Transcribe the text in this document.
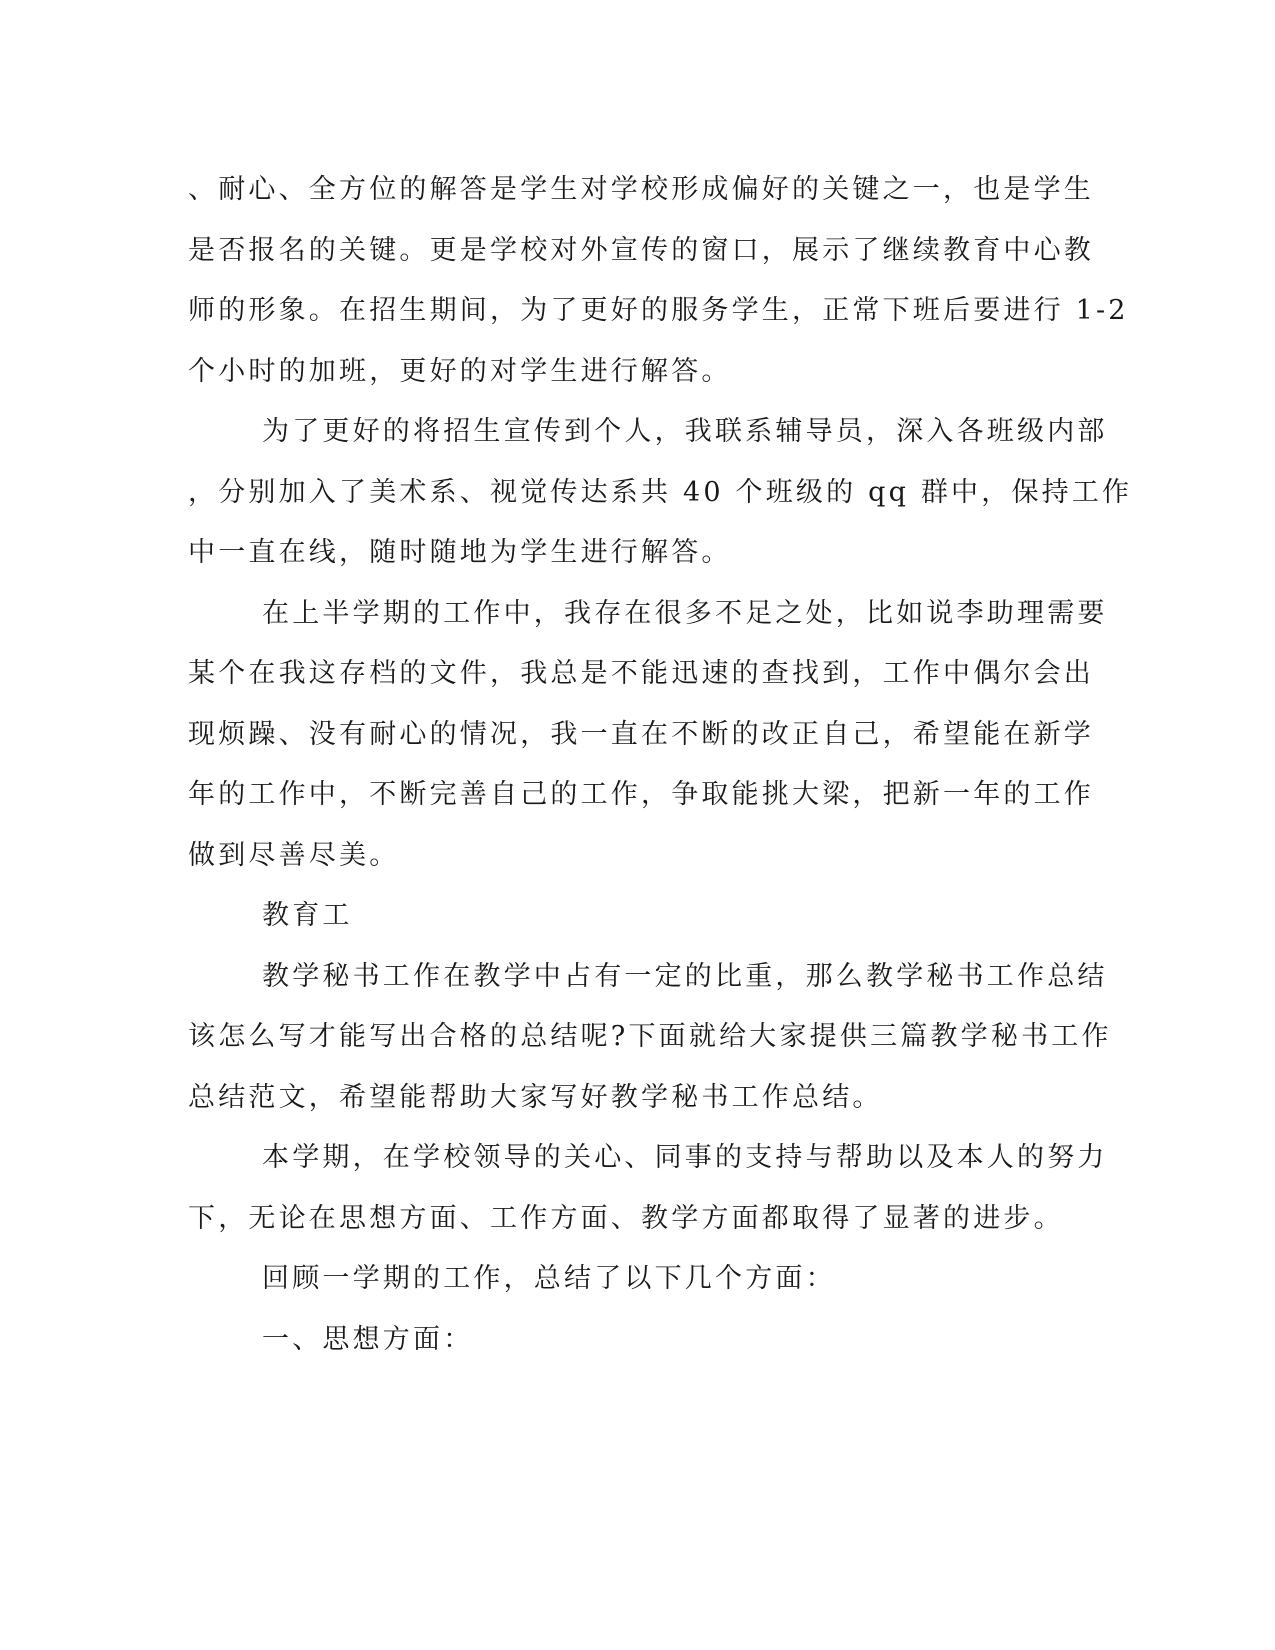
、耐心、全方位的解答是学生对学校形成偏好的关键之一，也是学生
是否报名的关键。更是学校对外宣传的窗口，展示了继续教育中心教
师的形象。在招生期间，为了更好的服务学生，正常下班后要进行 1-2
个小时的加班，更好的对学生进行解答。
为了更好的将招生宣传到个人，我联系辅导员，深入各班级内部
，分别加入了美术系、视觉传达系共 40 个班级的 qq 群中，保持工作
中一直在线，随时随地为学生进行解答。
在上半学期的工作中，我存在很多不足之处，比如说李助理需要
某个在我这存档的文件，我总是不能迅速的查找到，工作中偶尔会出
现烦躁、没有耐心的情况，我一直在不断的改正自己，希望能在新学
年的工作中，不断完善自己的工作，争取能挑大梁，把新一年的工作
做到尽善尽美。
教育工
教学秘书工作在教学中占有一定的比重，那么教学秘书工作总结
该怎么写才能写出合格的总结呢?下面就给大家提供三篇教学秘书工作
总结范文，希望能帮助大家写好教学秘书工作总结。
本学期，在学校领导的关心、同事的支持与帮助以及本人的努力
下，无论在思想方面、工作方面、教学方面都取得了显著的进步。
回顾一学期的工作，总结了以下几个方面：
一、思想方面：
